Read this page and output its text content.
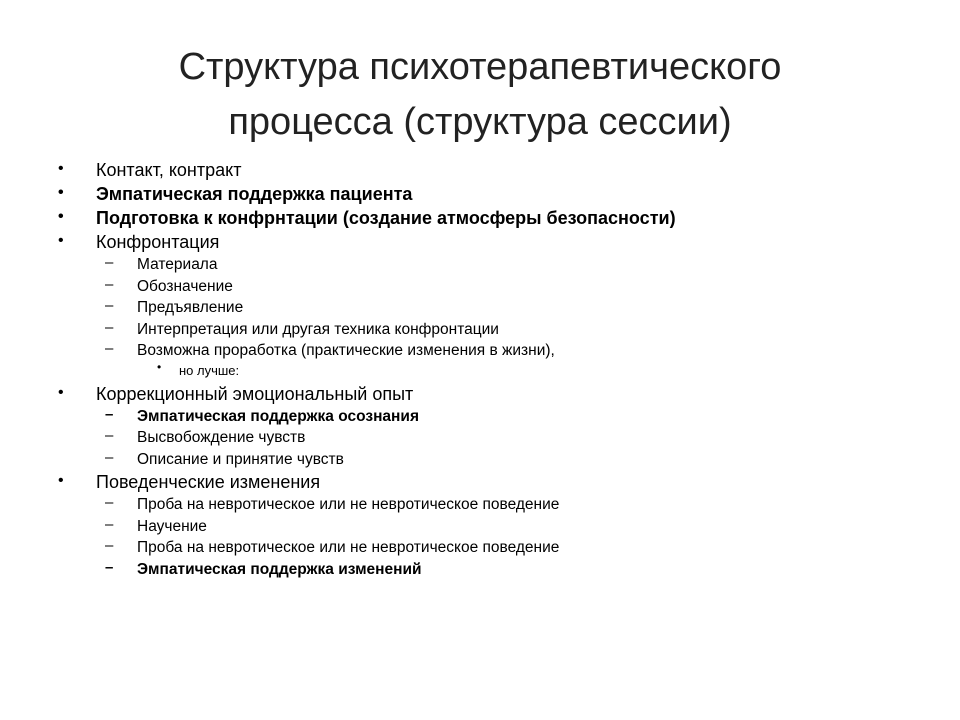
Структура психотерапевтического
процесса (структура сессии)
• Контакт, контракт
• Эмпатическая поддержка пациента
• Подготовка к конфрнтации (создание атмосферы безопасности)
• Конфронтация
– Материала
– Обозначение
– Предъявление
– Интерпретация или другая техника конфронтации
– Возможна проработка (практические изменения в жизни),
• но лучше:
• Коррекционный эмоциональный опыт
– Эмпатическая поддержка осознания
– Высвобождение чувств
– Описание и принятие чувств
• Поведенческие изменения
– Проба на невротическое или не невротическое поведение
– Научение
– Проба на невротическое или не невротическое поведение
– Эмпатическая поддержка изменений
